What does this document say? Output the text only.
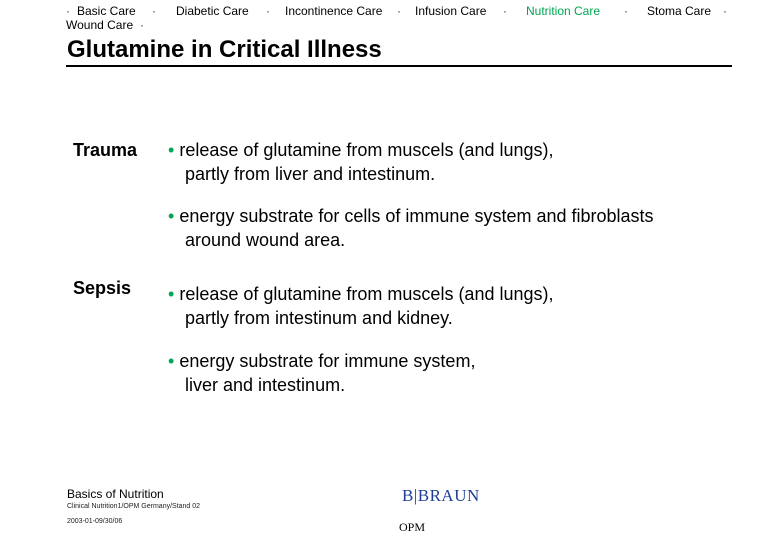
· Basic Care ·
Wound Care ·
Diabetic Care · Incontinence Care · Infusion Care · Nutrition Care · Stoma Care ·
Glutamine in Critical Illness
Trauma • release of glutamine from muscels (and lungs),
partly from liver and intestinum.
• energy substrate for cells of immune system and fibroblasts
around wound area.
Sepsis • release of glutamine from muscels (and lungs),
partly from intestinum and kidney.
• energy substrate for immune system,
liver and intestinum.
Basics of Nutrition
Clinical Nutrition1/OPM Germany/Stand 02
2003-01-09/30/06
B|BRAUN
OPM
